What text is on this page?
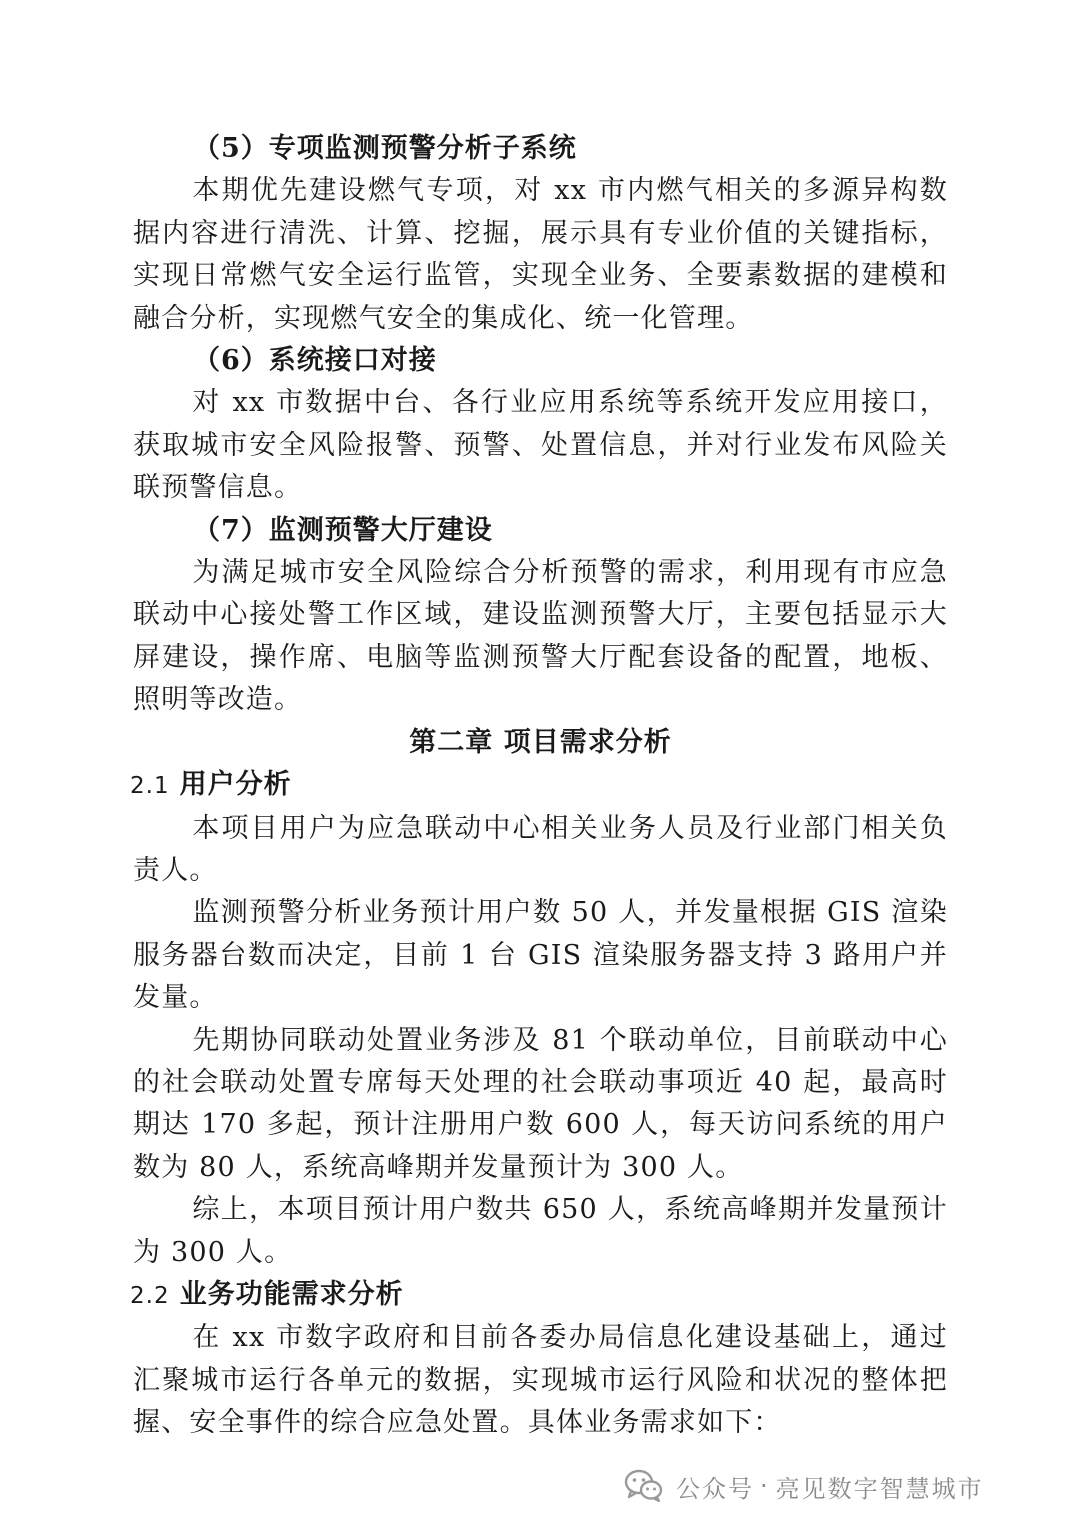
（5）专项监测预警分析子系统

本期优先建设燃气专项，对 xx 市内燃气相关的多源异构数据内容进行清洗、计算、挖掘，展示具有专业价值的关键指标，实现日常燃气安全运行监管，实现全业务、全要素数据的建模和融合分析，实现燃气安全的集成化、统一化管理。

（6）系统接口对接

对 xx 市数据中台、各行业应用系统等系统开发应用接口，获取城市安全风险报警、预警、处置信息，并对行业发布风险关联预警信息。

（7）监测预警大厅建设

为满足城市安全风险综合分析预警的需求，利用现有市应急联动中心接处警工作区域，建设监测预警大厅，主要包括显示大屏建设，操作席、电脑等监测预警大厅配套设备的配置，地板、照明等改造。

第二章 项目需求分析

2.1 用户分析

本项目用户为应急联动中心相关业务人员及行业部门相关负责人。

监测预警分析业务预计用户数 50 人，并发量根据 GIS 渲染服务器台数而决定，目前 1 台 GIS 渲染服务器支持 3 路用户并发量。

先期协同联动处置业务涉及 81 个联动单位，目前联动中心的社会联动处置专席每天处理的社会联动事项近 40 起，最高时期达 170 多起，预计注册用户数 600 人，每天访问系统的用户数为 80 人，系统高峰期并发量预计为 300 人。

综上，本项目预计用户数共 650 人，系统高峰期并发量预计为 300 人。

2.2 业务功能需求分析

在 xx 市数字政府和目前各委办局信息化建设基础上，通过汇聚城市运行各单元的数据，实现城市运行风险和状况的整体把握、安全事件的综合应急处置。具体业务需求如下：

公众号 · 亮见数字智慧城市
